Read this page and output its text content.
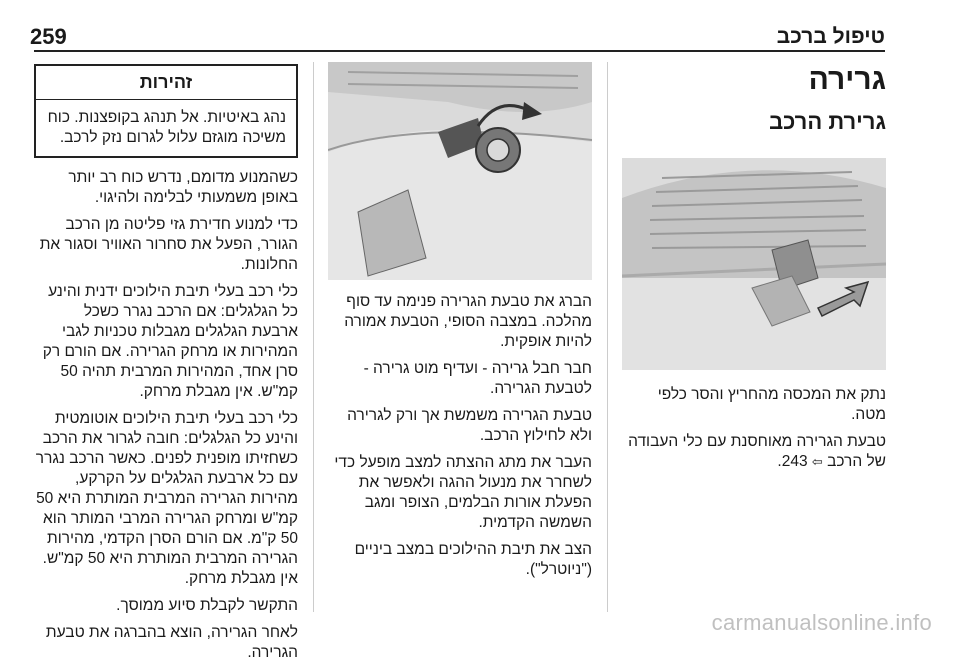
259	טיפול ברכב
גרירה
גרירת הרכב

נתק את המכסה מהחריץ והסר כלפי מטה.

טבעת הגרירה מאוחסנת עם כלי העבודה של הרכב ⇦ 243.

הברג את טבעת הגרירה פנימה עד סוף מהלכה. במצבה הסופי, הטבעת אמורה להיות אופקית.

חבר חבל גרירה - ועדיף מוט גרירה - לטבעת הגרירה.

טבעת הגרירה משמשת אך ורק לגרירה ולא לחילוץ הרכב.

העבר את מתג ההצתה למצב מופעל כדי לשחרר את מנעול ההגה ולאפשר את הפעלת אורות הבלמים, הצופר ומגב השמשה הקדמית.

הצב את תיבת ההילוכים במצב ביניים ("ניוטרל").

זהירות
נהג באיטיות. אל תנהג בקופצנות. כוח משיכה מוגזם עלול לגרום נזק לרכב.

כשהמנוע מדומם, נדרש כוח רב יותר באופן משמעותי לבלימה ולהיגוי.

כדי למנוע חדירת גזי פליטה מן הרכב הגורר, הפעל את סחרור האוויר וסגור את החלונות.

כלי רכב בעלי תיבת הילוכים ידנית והינע כל הגלגלים: אם הרכב נגרר כשכל ארבעת הגלגלים מגבלות טכניות לגבי המהירות או מרחק הגרירה. אם הורם רק סרן אחד, המהירות המרבית תהיה 50 קמ"ש. אין מגבלת מרחק.

כלי רכב בעלי תיבת הילוכים אוטומטית והינע כל הגלגלים: חובה לגרור את הרכב כשחזיתו מופנית לפנים. כאשר הרכב נגרר עם כל ארבעת הגלגלים על הקרקע, מהירות הגרירה המרבית המותרת היא 50 קמ"ש ומרחק הגרירה המרבי המותר הוא 50 ק"מ. אם הורם הסרן הקדמי, מהירות הגרירה המרבית המותרת היא 50 קמ"ש. אין מגבלת מרחק.

התקשר לקבלת סיוע ממוסך.

לאחר הגרירה, הוצא בהברגה את טבעת הגרירה.

carmanualsonline.info
